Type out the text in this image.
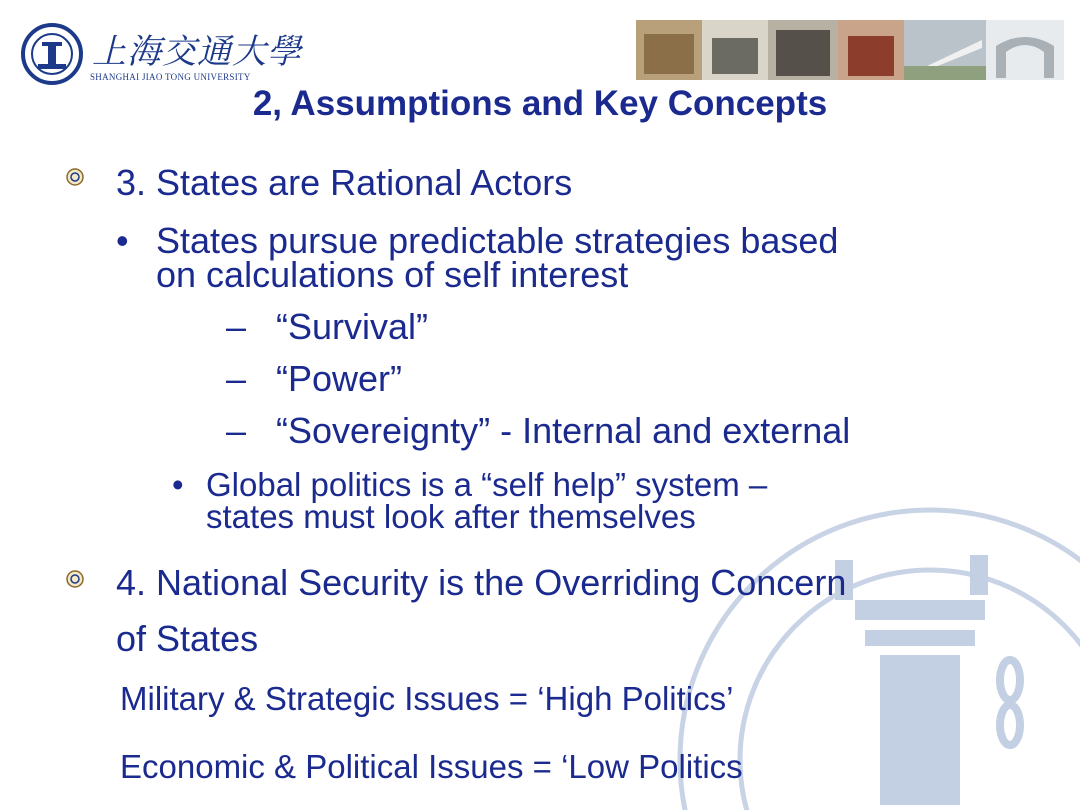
上海交通大學
SHANGHAI JIAO TONG UNIVERSITY
2, Assumptions and Key Concepts
3. States are Rational Actors
• States pursue predictable strategies based
on calculations of self interest
– “Survival”
– “Power”
– “Sovereignty” - Internal and external
• Global politics is a “self help” system –
states must look after themselves
4. National Security is the Overriding Concern
of States
Military & Strategic Issues = ‘High Politics’
Economic & Political Issues = ‘Low Politics
